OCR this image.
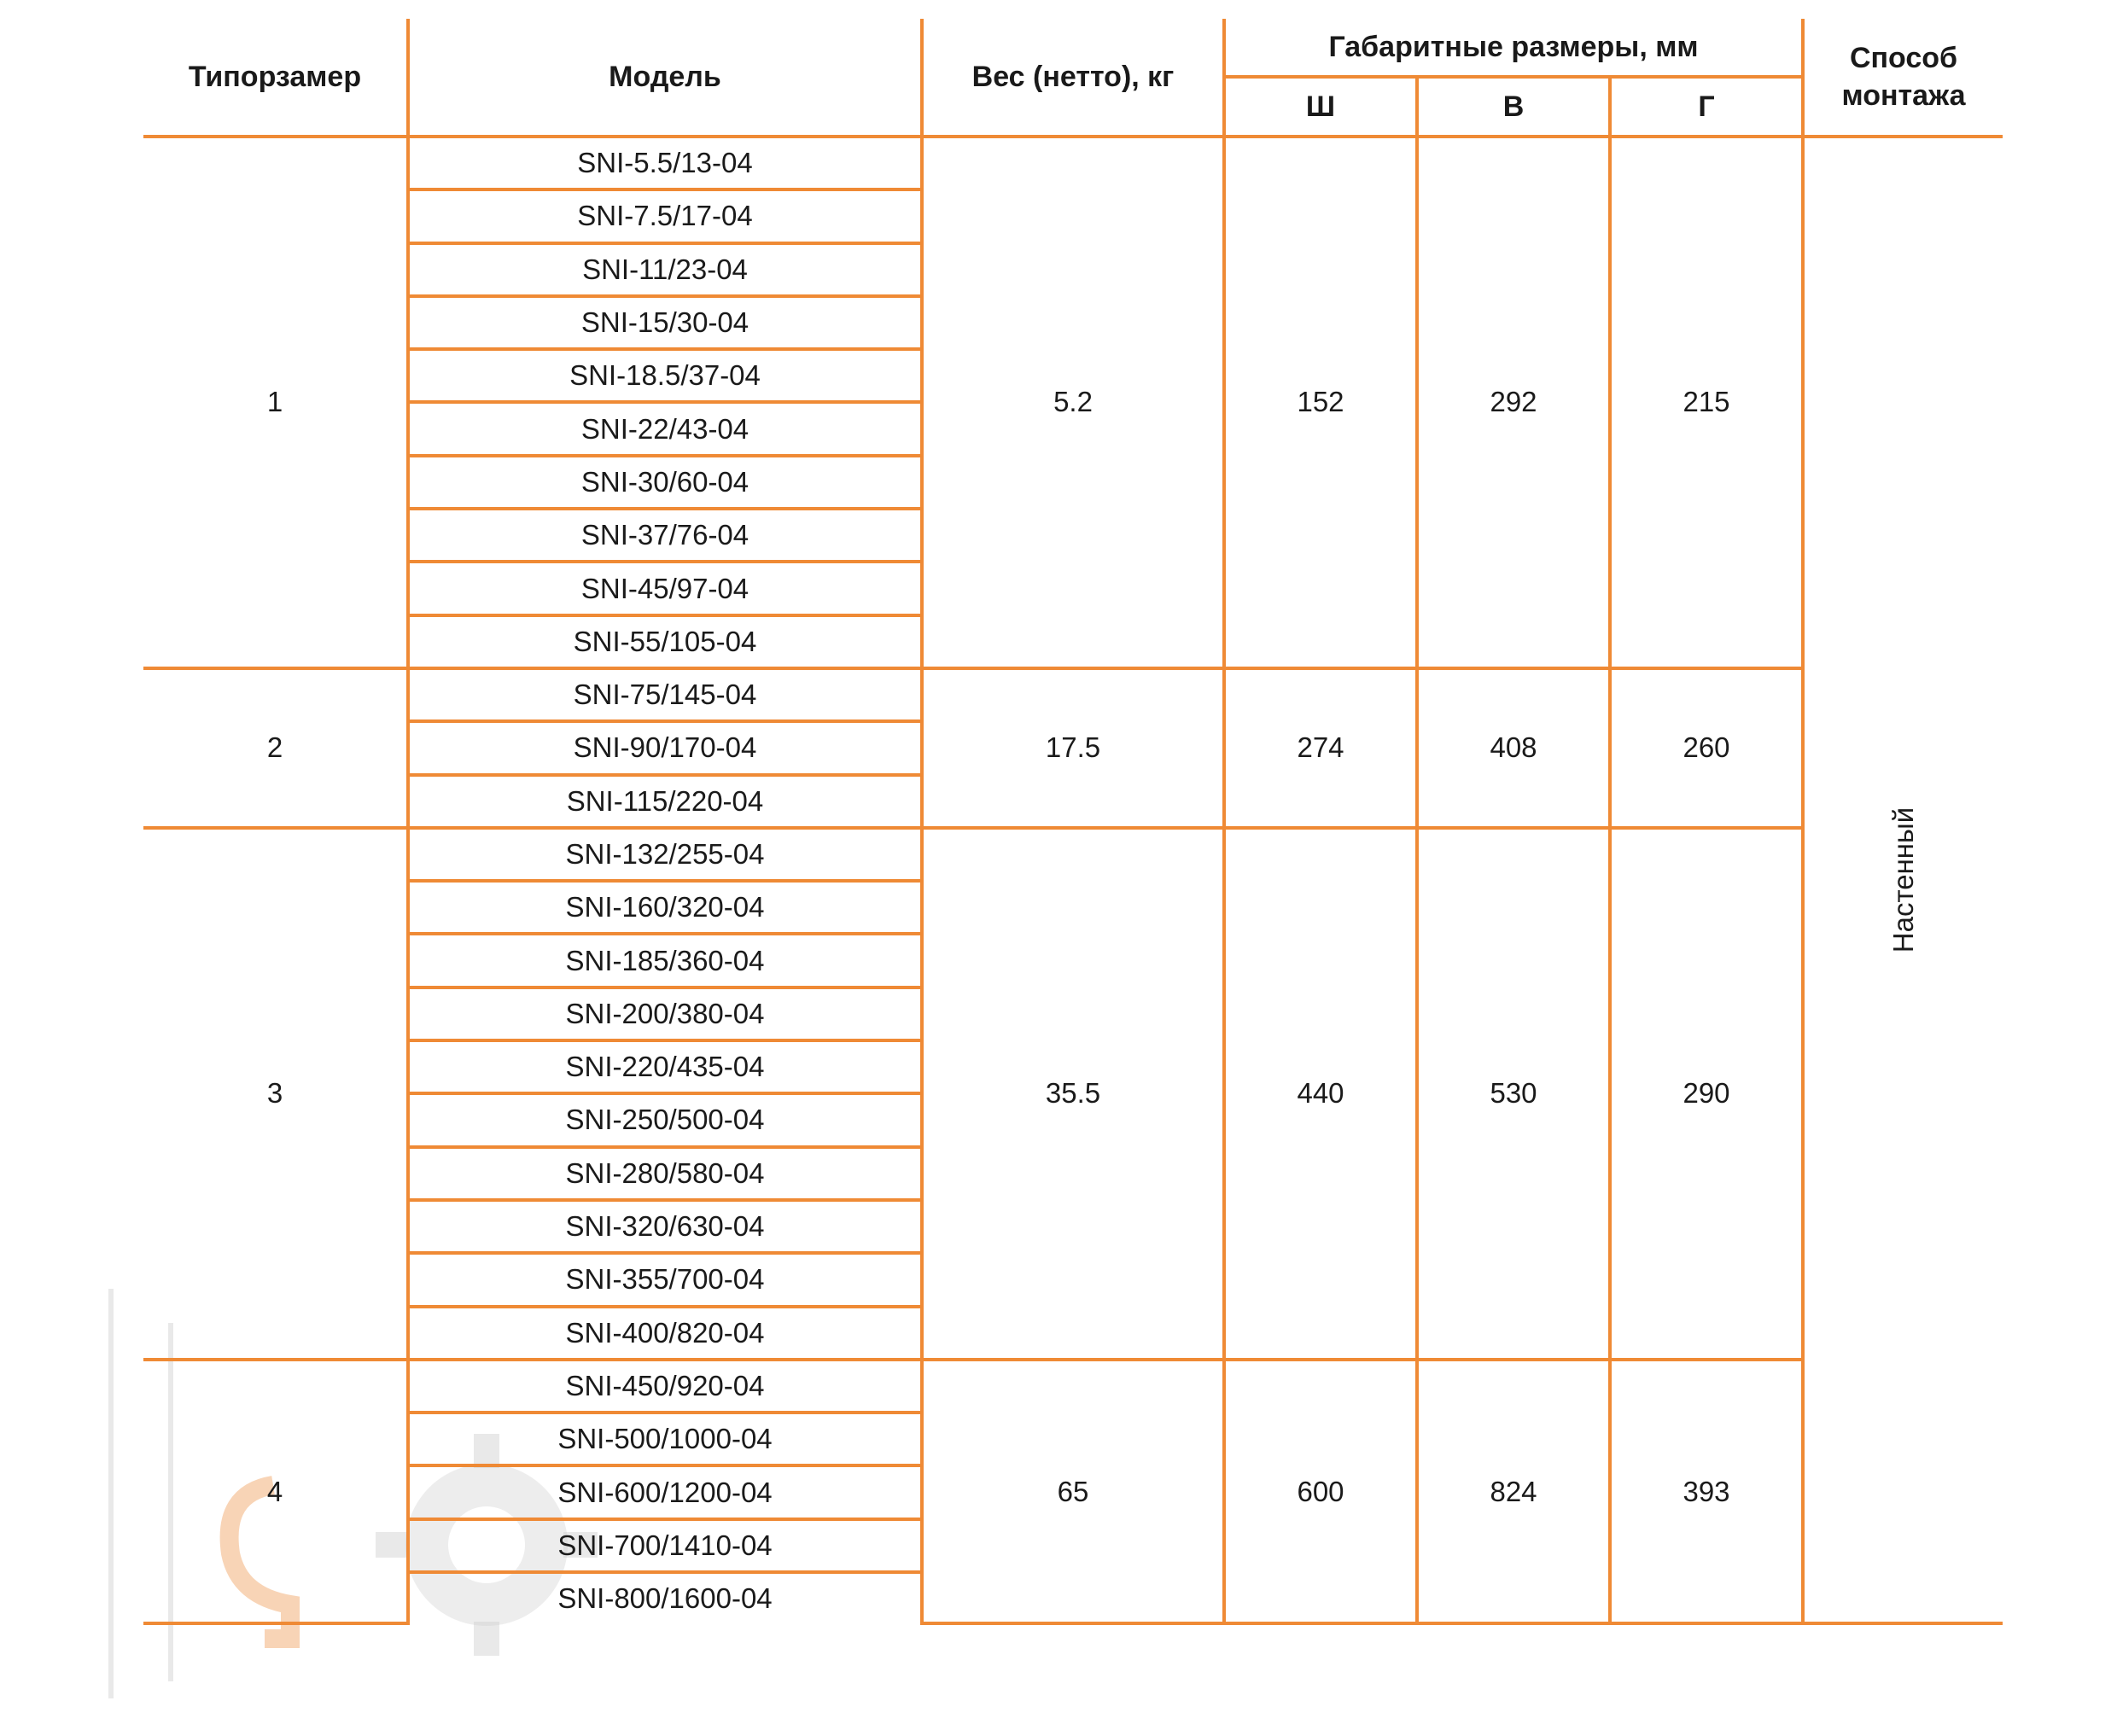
Типорзамер	Модель	Вес (нетто), кг	Габаритные размеры, мм			Способ
монтажа
			Ш	В	Г	
1	SNI-5.5/13-04	5.2	152	292	215	Настенный
	SNI-7.5/17-04					
	SNI-11/23-04					
	SNI-15/30-04					
	SNI-18.5/37-04					
	SNI-22/43-04					
	SNI-30/60-04					
	SNI-37/76-04					
	SNI-45/97-04					
	SNI-55/105-04					
2	SNI-75/145-04	17.5	274	408	260	
	SNI-90/170-04					
	SNI-115/220-04					
3	SNI-132/255-04	35.5	440	530	290	
	SNI-160/320-04					
	SNI-185/360-04					
	SNI-200/380-04					
	SNI-220/435-04					
	SNI-250/500-04					
	SNI-280/580-04					
	SNI-320/630-04					
	SNI-355/700-04					
	SNI-400/820-04					
4	SNI-450/920-04	65	600	824	393	
	SNI-500/1000-04					
	SNI-600/1200-04					
	SNI-700/1410-04					
	SNI-800/1600-04					
